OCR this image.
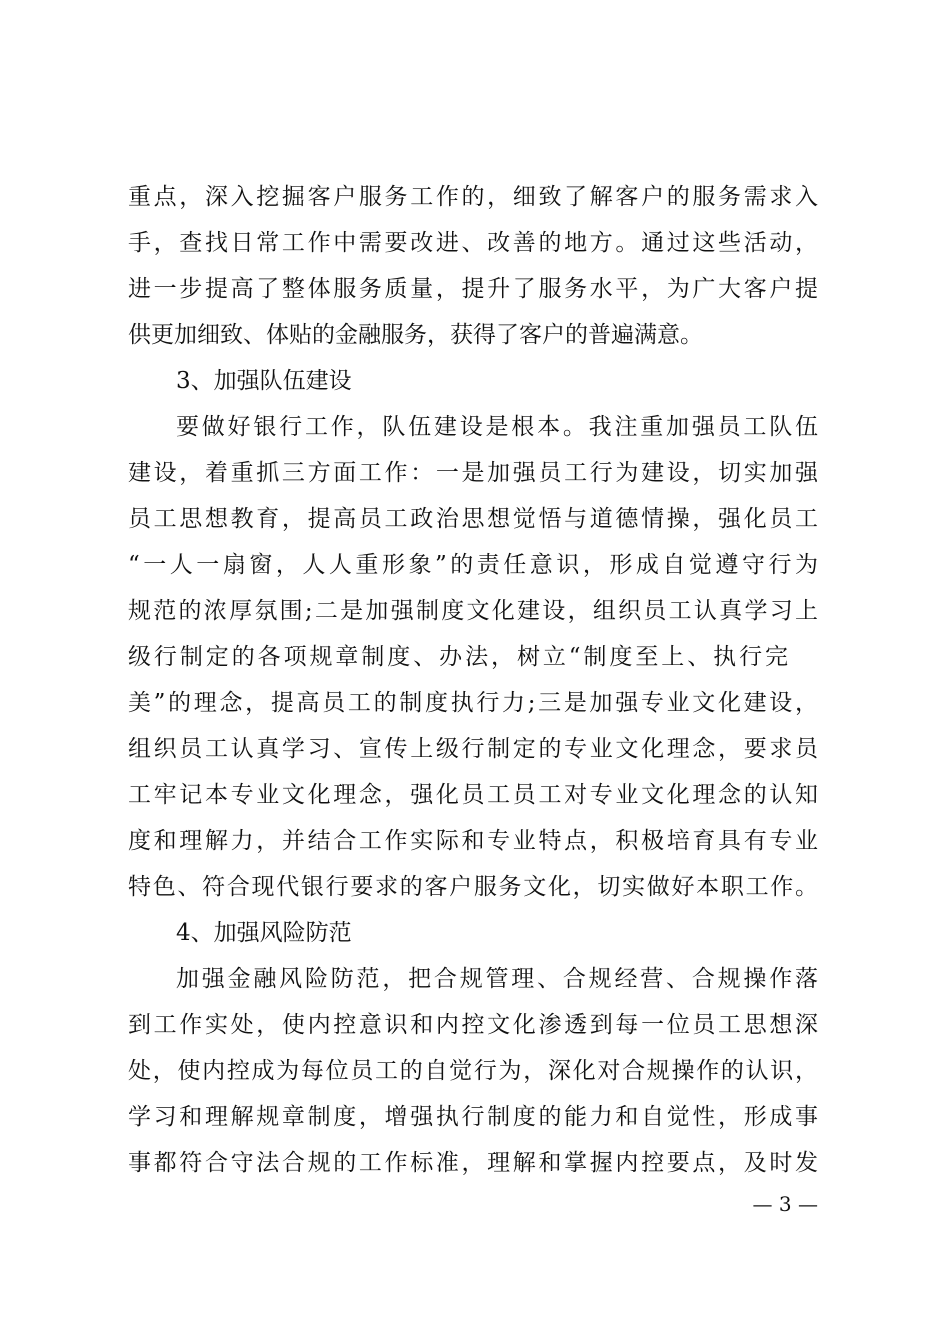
重点，深入挖掘客户服务工作的，细致了解客户的服务需求入
手，查找日常工作中需要改进、改善的地方。通过这些活动，
进一步提高了整体服务质量，提升了服务水平，为广大客户提
供更加细致、体贴的金融服务，获得了客户的普遍满意。
3、加强队伍建设
要做好银行工作，队伍建设是根本。我注重加强员工队伍
建设，着重抓三方面工作：一是加强员工行为建设，切实加强
员工思想教育，提高员工政治思想觉悟与道德情操，强化员工
“一人一扇窗，人人重形象”的责任意识，形成自觉遵守行为
规范的浓厚氛围;二是加强制度文化建设，组织员工认真学习上
级行制定的各项规章制度、办法，树立“制度至上、执行完
美”的理念，提高员工的制度执行力;三是加强专业文化建设，
组织员工认真学习、宣传上级行制定的专业文化理念，要求员
工牢记本专业文化理念，强化员工员工对专业文化理念的认知
度和理解力，并结合工作实际和专业特点，积极培育具有专业
特色、符合现代银行要求的客户服务文化，切实做好本职工作。
4、加强风险防范
加强金融风险防范，把合规管理、合规经营、合规操作落
到工作实处，使内控意识和内控文化渗透到每一位员工思想深
处，使内控成为每位员工的自觉行为，深化对合规操作的认识，
学习和理解规章制度，增强执行制度的能力和自觉性，形成事
事都符合守法合规的工作标准，理解和掌握内控要点，及时发
— 3 —
